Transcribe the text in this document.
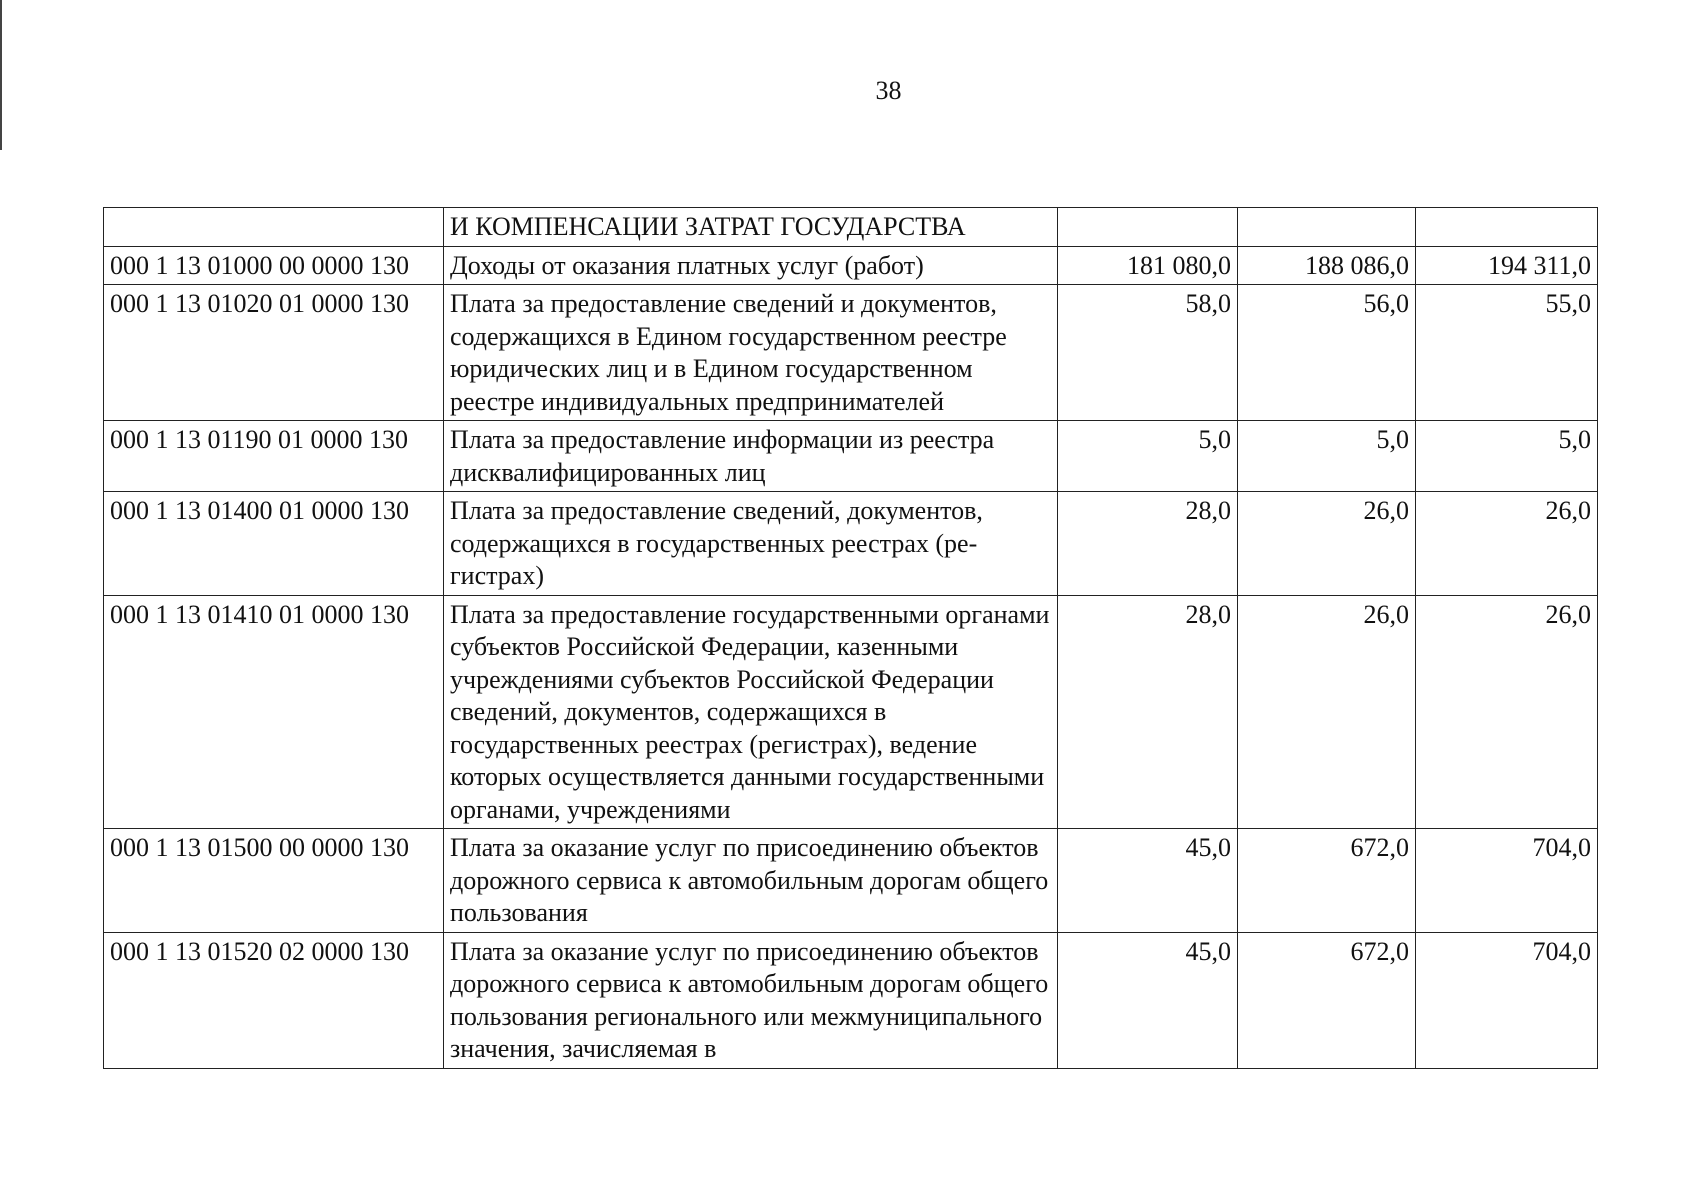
38
	И КОМПЕНСАЦИИ ЗАТРАТ ГОСУДАРСТВА			
000 1 13 01000 00 0000 130	Доходы от оказания платных услуг (работ)	181 080,0	188 086,0	194 311,0
000 1 13 01020 01 0000 130	Плата за предоставление сведений и документов, содержащихся в Едином государственном реестре юридических лиц и в Едином государственном реестре индивидуальных предпринимателей	58,0	56,0	55,0
000 1 13 01190 01 0000 130	Плата за предоставление информации из реестра дисквалифицированных лиц	5,0	5,0	5,0
000 1 13 01400 01 0000 130	Плата за предоставление сведений, документов, содержащихся в государственных реестрах (регистрах)	28,0	26,0	26,0
000 1 13 01410 01 0000 130	Плата за предоставление государственными органами субъектов Российской Федерации, казенными учреждениями субъектов Российской Федерации сведений, документов, содержащихся в государственных реестрах (регистрах), ведение которых осуществляется данными государственными органами, учреждениями	28,0	26,0	26,0
000 1 13 01500 00 0000 130	Плата за оказание услуг по присоединению объектов дорожного сервиса к автомобильным дорогам общего пользования	45,0	672,0	704,0
000 1 13 01520 02 0000 130	Плата за оказание услуг по присоединению объектов дорожного сервиса к автомобильным дорогам общего пользования регионального или межмуниципального значения, зачисляемая в	45,0	672,0	704,0
